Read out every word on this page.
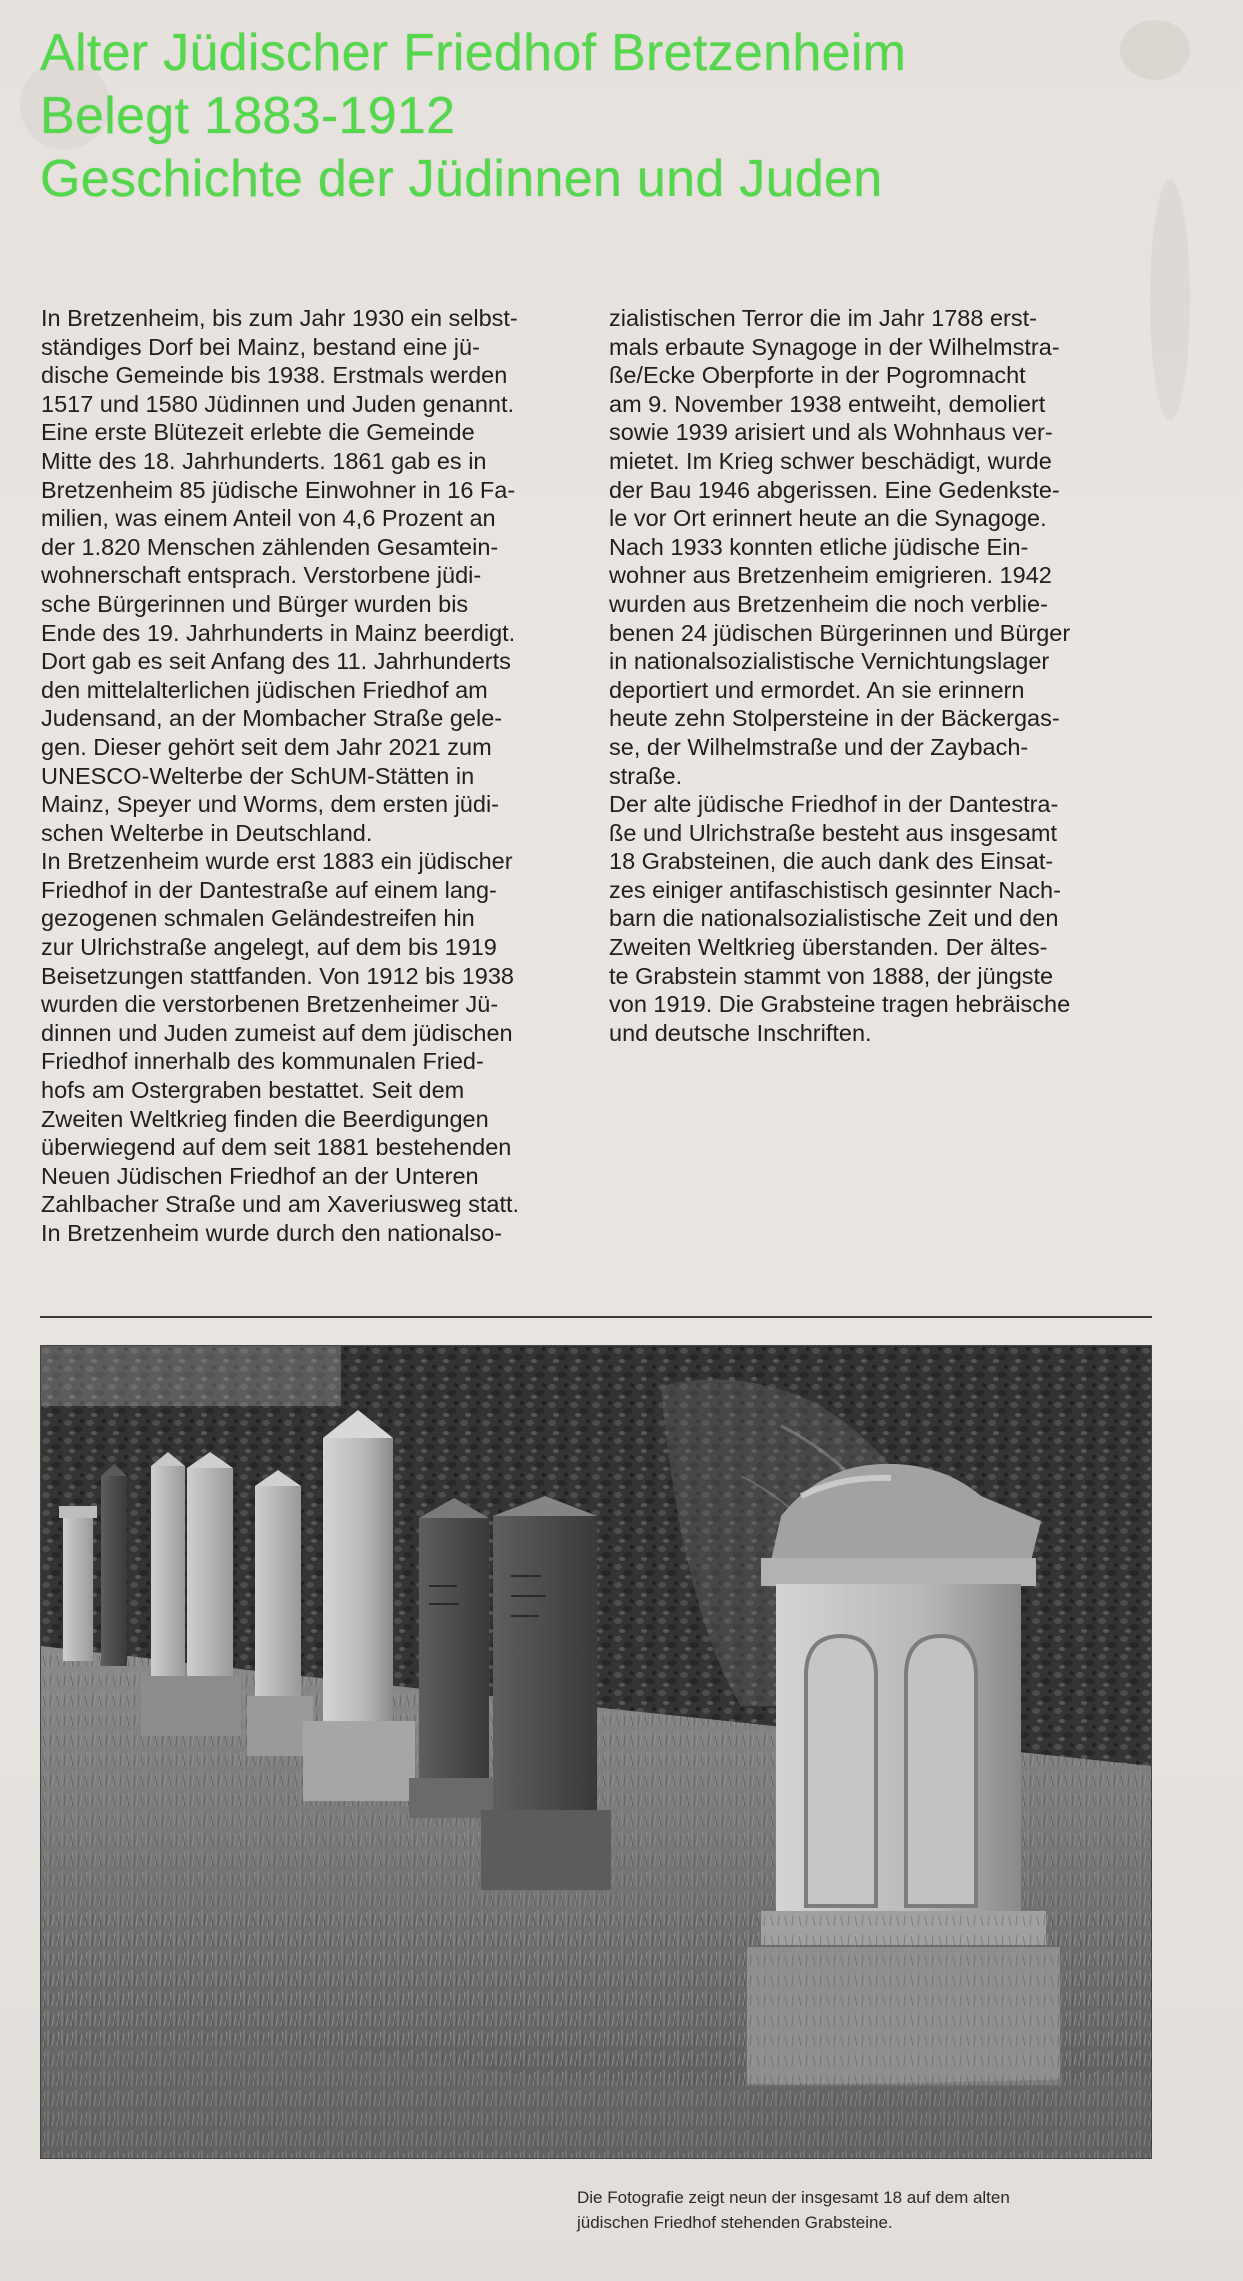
Alter Jüdischer Friedhof Bretzenheim
Belegt 1883-1912
Geschichte der Jüdinnen und Juden
In Bretzenheim, bis zum Jahr 1930 ein selbst-
ständiges Dorf bei Mainz, bestand eine jü-
dische Gemeinde bis 1938. Erstmals werden
1517 und 1580 Jüdinnen und Juden genannt.
Eine erste Blütezeit erlebte die Gemeinde
Mitte des 18. Jahrhunderts. 1861 gab es in
Bretzenheim 85 jüdische Einwohner in 16 Fa-
milien, was einem Anteil von 4,6 Prozent an
der 1.820 Menschen zählenden Gesamtein-
wohnerschaft entsprach. Verstorbene jüdi-
sche Bürgerinnen und Bürger wurden bis
Ende des 19. Jahrhunderts in Mainz beerdigt.
Dort gab es seit Anfang des 11. Jahrhunderts
den mittelalterlichen jüdischen Friedhof am
Judensand, an der Mombacher Straße gele-
gen. Dieser gehört seit dem Jahr 2021 zum
UNESCO-Welterbe der SchUM-Stätten in
Mainz, Speyer und Worms, dem ersten jüdi-
schen Welterbe in Deutschland.
In Bretzenheim wurde erst 1883 ein jüdischer
Friedhof in der Dantestraße auf einem lang-
gezogenen schmalen Geländestreifen hin
zur Ulrichstraße angelegt, auf dem bis 1919
Beisetzungen stattfanden. Von 1912 bis 1938
wurden die verstorbenen Bretzenheimer Jü-
dinnen und Juden zumeist auf dem jüdischen
Friedhof innerhalb des kommunalen Fried-
hofs am Ostergraben bestattet. Seit dem
Zweiten Weltkrieg finden die Beerdigungen
überwiegend auf dem seit 1881 bestehenden
Neuen Jüdischen Friedhof an der Unteren
Zahlbacher Straße und am Xaveriusweg statt.
In Bretzenheim wurde durch den nationalso-
zialistischen Terror die im Jahr 1788 erst-
mals erbaute Synagoge in der Wilhelmstra-
ße/Ecke Oberpforte in der Pogromnacht
am 9. November 1938 entweiht, demoliert
sowie 1939 arisiert und als Wohnhaus ver-
mietet. Im Krieg schwer beschädigt, wurde
der Bau 1946 abgerissen. Eine Gedenkste-
le vor Ort erinnert heute an die Synagoge.
Nach 1933 konnten etliche jüdische Ein-
wohner aus Bretzenheim emigrieren. 1942
wurden aus Bretzenheim die noch verblie-
benen 24 jüdischen Bürgerinnen und Bürger
in nationalsozialistische Vernichtungslager
deportiert und ermordet. An sie erinnern
heute zehn Stolpersteine in der Bäckergas-
se, der Wilhelmstraße und der Zaybach-
straße.
Der alte jüdische Friedhof in der Dantestra-
ße und Ulrichstraße besteht aus insgesamt
18 Grabsteinen, die auch dank des Einsat-
zes einiger antifaschistisch gesinnter Nach-
barn die nationalsozialistische Zeit und den
Zweiten Weltkrieg überstanden. Der ältes-
te Grabstein stammt von 1888, der jüngste
von 1919. Die Grabsteine tragen hebräische
und deutsche Inschriften.
Die Fotografie zeigt neun der insgesamt 18 auf dem alten
jüdischen Friedhof stehenden Grabsteine.
